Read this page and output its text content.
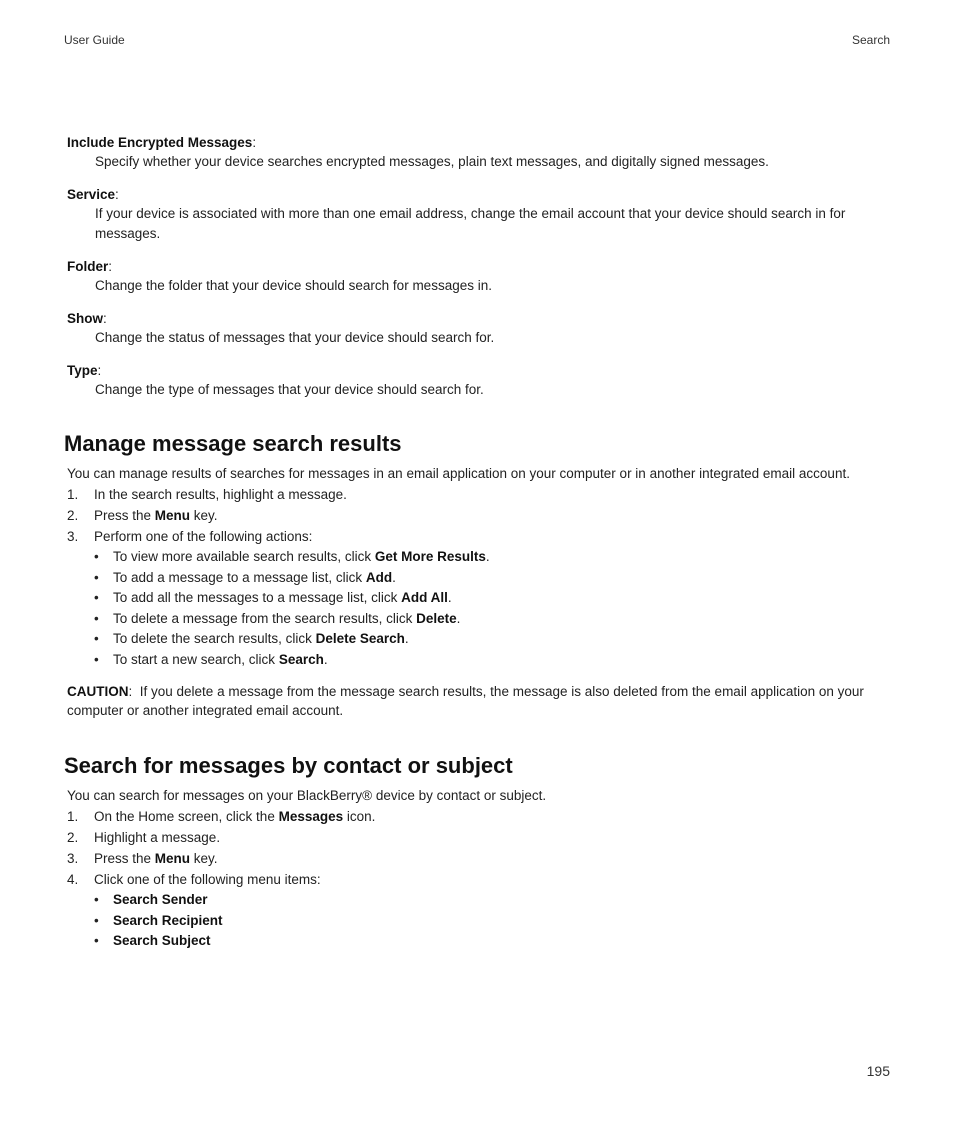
User Guide	Search
Include Encrypted Messages:
Specify whether your device searches encrypted messages, plain text messages, and digitally signed messages.
Service:
If your device is associated with more than one email address, change the email account that your device should search in for messages.
Folder:
Change the folder that your device should search for messages in.
Show:
Change the status of messages that your device should search for.
Type:
Change the type of messages that your device should search for.
Manage message search results
You can manage results of searches for messages in an email application on your computer or in another integrated email account.
1.	In the search results, highlight a message.
2.	Press the Menu key.
3.	Perform one of the following actions:
•	To view more available search results, click Get More Results.
•	To add a message to a message list, click Add.
•	To add all the messages to a message list, click Add All.
•	To delete a message from the search results, click Delete.
•	To delete the search results, click Delete Search.
•	To start a new search, click Search.
CAUTION:  If you delete a message from the message search results, the message is also deleted from the email application on your computer or another integrated email account.
Search for messages by contact or subject
You can search for messages on your BlackBerry® device by contact or subject.
1.	On the Home screen, click the Messages icon.
2.	Highlight a message.
3.	Press the Menu key.
4.	Click one of the following menu items:
•	Search Sender
•	Search Recipient
•	Search Subject
195
